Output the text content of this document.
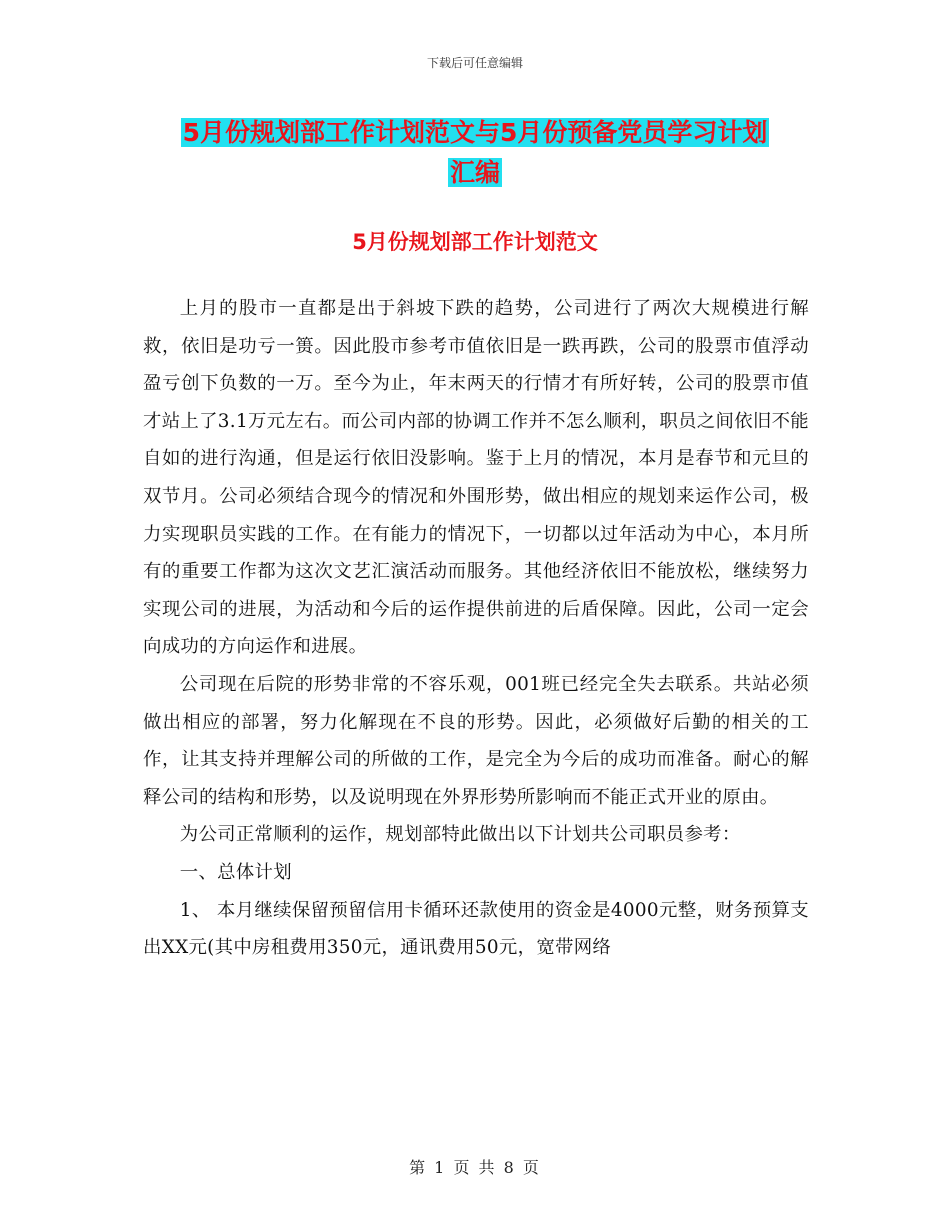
下载后可任意编辑
5月份规划部工作计划范文与5月份预备党员学习计划
汇编
5月份规划部工作计划范文

上月的股市一直都是出于斜坡下跌的趋势，公司进行了两次大规模进行解救，依旧是功亏一篑。因此股市参考市值依旧是一跌再跌，公司的股票市值浮动盈亏创下负数的一万。至今为止，年末两天的行情才有所好转，公司的股票市值才站上了3.1万元左右。而公司内部的协调工作并不怎么顺利，职员之间依旧不能自如的进行沟通，但是运行依旧没影响。鉴于上月的情况，本月是春节和元旦的双节月。公司必须结合现今的情况和外围形势，做出相应的规划来运作公司，极力实现职员实践的工作。在有能力的情况下，一切都以过年活动为中心，本月所有的重要工作都为这次文艺汇演活动而服务。其他经济依旧不能放松，继续努力实现公司的进展，为活动和今后的运作提供前进的后盾保障。因此，公司一定会向成功的方向运作和进展。

公司现在后院的形势非常的不容乐观，001班已经完全失去联系。共站必须做出相应的部署，努力化解现在不良的形势。因此，必须做好后勤的相关的工作，让其支持并理解公司的所做的工作，是完全为今后的成功而准备。耐心的解释公司的结构和形势，以及说明现在外界形势所影响而不能正式开业的原由。

为公司正常顺利的运作，规划部特此做出以下计划共公司职员参考：

一、总体计划

1、 本月继续保留预留信用卡循环还款使用的资金是4000元整，财务预算支出XX元(其中房租费用350元，通讯费用50元，宽带网络

第 1 页 共 8 页
